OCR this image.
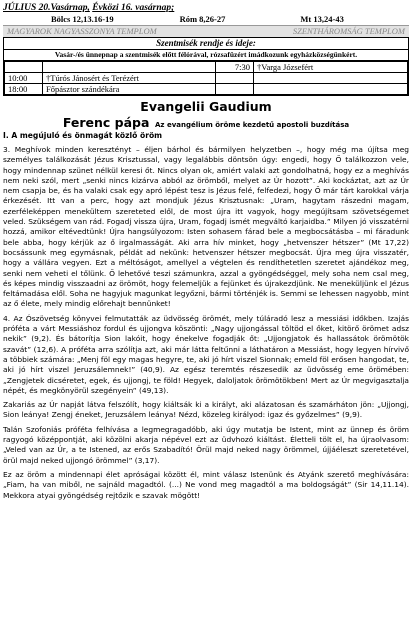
JÚLIUS 20.Vasárnap, Évközi 16. vasárnap;
Bölcs 12,13.16-19	Róm 8,26-27	Mt 13,24-43
MAGYAROK NAGYASSZONYA TEMPLOM	SZENTHÁROMSÁG TEMPLOM
Szentmisék rendje és ideje:
Vasár-/és ünnepnap a szentmisék előtt félórával, rózsafüzért imádkozunk egyházközségünkért.
		7:30	†Varga Józsefért
10:00	†Túrós Jánosért és Terézért		
18:00	Főpásztor szándékára		
Evangelii Gaudium
Ferenc pápa Az evangélium öröme kezdetű apostoli buzdítása
I. A megújuló és önmagát közlő öröm

3. Meghívok minden keresztényt – éljen bárhol és bármilyen helyzetben –, hogy még ma újítsa meg személyes találkozását Jézus Krisztussal, vagy legalábbis döntsön úgy: engedi, hogy Ő találkozzon vele, hogy mindennap szünet nélkül keresi őt. Nincs olyan ok, amiért valaki azt gondolhatná, hogy ez a meghívás nem neki szól, mert „senki nincs kizárva abból az örömből, melyet az Úr hozott”. Aki kockáztat, azt az Úr nem csapja be, és ha valaki csak egy apró lépést tesz is Jézus felé, felfedezi, hogy Ő már tárt karokkal várja érkezését. Itt van a perc, hogy azt mondjuk Jézus Krisztusnak: „Uram, hagytam rászedni magam, ezerféleképpen menekültem szereteted elől, de most újra itt vagyok, hogy megújítsam szövetségemet veled. Szükségem van rád. Fogadj vissza újra, Uram, fogadj ismét megváltó karjaidba.” Milyen jó visszatérni hozzá, amikor eltévedtünk! Újra hangsúlyozom: Isten sohasem fárad bele a megbocsátásba – mi fáradunk bele abba, hogy kérjük az ő irgalmasságát. Aki arra hív minket, hogy „hetvenszer hétszer” (Mt 17,22) bocsássunk meg egymásnak, példát ad nekünk: hetvenszer hétszer megbocsát. Újra meg újra visszatér, hogy a vállára vegyen. Ezt a méltóságot, amellyel a végtelen és rendíthetetlen szeretet ajándékoz meg, senki nem veheti el tőlünk. Ő lehetővé teszi számunkra, azzal a gyöngédséggel, mely soha nem csal meg, és képes mindig visszaadni az örömöt, hogy felemeljük a fejünket és újrakezdjünk. Ne meneküljünk el Jézus feltámadása elől. Soha ne hagyjuk magunkat legyőzni, bármi történjék is. Semmi se lehessen nagyobb, mint az ő élete, mely mindig előrehajt bennünket!

4. Az Ószövetség könyvei felmutatták az üdvösség örömét, mely túláradó lesz a messiási időkben. Izajás próféta a várt Messiáshoz fordul és ujjongva köszönti: „Nagy ujjongással töltöd el őket, kitörő örömet adsz nekik” (9,2). És bátorítja Sion lakóit, hogy énekelve fogadják őt: „Ujjongjatok és hallassátok örömötök szavát” (12,6). A próféta arra szólítja azt, aki már látta feltűnni a láthatáron a Messiást, hogy legyen hírvivő a többiek számára: „Menj föl egy magas hegyre, te, aki jó hírt viszel Sionnak; emeld föl erősen hangodat, te, aki jó hírt viszel Jeruzsálemnek!” (40,9). Az egész teremtés részesedik az üdvösség eme örömében: „Zengjetek dicséretet, egek, és ujjongj, te föld! Hegyek, daloljatok örömötökben! Mert az Úr megvigasztalja népét, és megkönyörül szegényein” (49,13).

Zakariás az Úr napját látva felszólít, hogy kiáltsák ki a királyt, aki alázatosan és szamárháton jön: „Ujjongj, Sion leánya! Zengj éneket, Jeruzsálem leánya! Nézd, közeleg királyod: igaz és győzelmes” (9,9).

Talán Szofoniás próféta felhívása a legmegragadóbb, aki úgy mutatja be Istent, mint az ünnep és öröm ragyogó középpontját, aki közölni akarja népével ezt az üdvhozó kiáltást. Életteli tölt el, ha újraolvasom: „Veled van az Úr, a te Istened, az erős Szabadító! Örül majd neked nagy örömmel, újjáéleszt szeretetével, örül majd neked ujjongó örömmel” (3,17).

Ez az öröm a mindennapi élet apróságai között él, mint válasz Istenünk és Atyánk szerető meghívására: „Fiam, ha van miből, ne sajnáld magadtól. (...) Ne vond meg magadtól a ma boldogságát” (Sir 14,11.14). Mekkora atyai gyöngédség rejtőzik e szavak mögött!
